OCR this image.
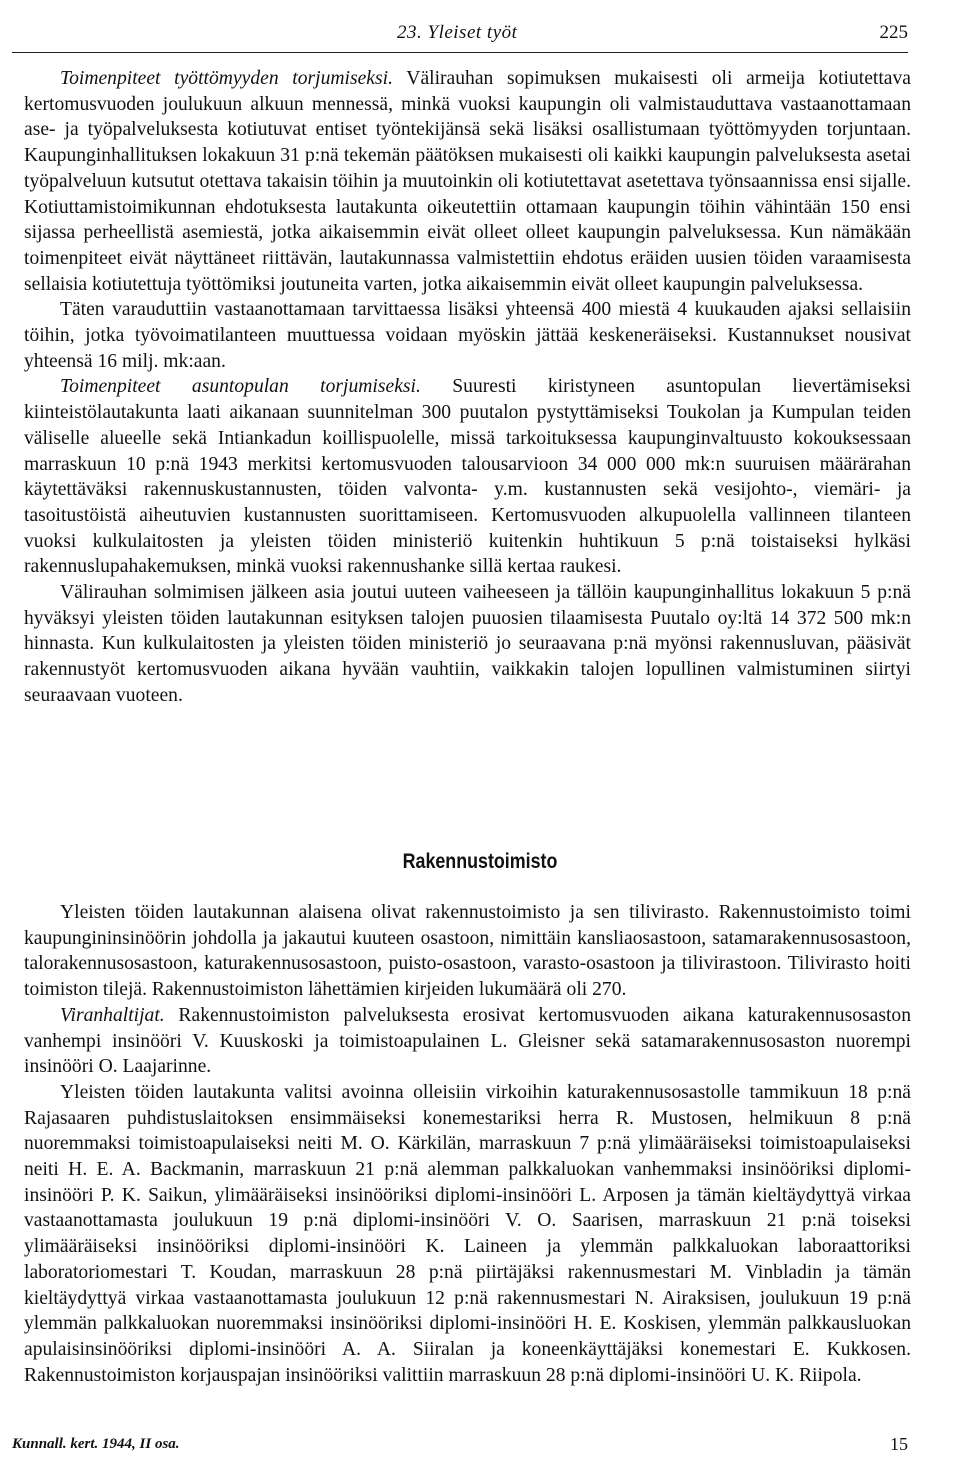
23. Yleiset työt	225

Toimenpiteet työttömyyden torjumiseksi. Välirauhan sopimuksen mukaisesti oli armeija kotiutettava kertomusvuoden joulukuun alkuun mennessä, minkä vuoksi kaupungin oli valmistauduttava vastaanottamaan ase- ja työpalveluksesta kotiutuvat entiset työntekijänsä sekä lisäksi osallistumaan työttömyyden torjuntaan. Kaupunginhallituksen lokakuun 31 p:nä tekemän päätöksen mukaisesti oli kaikki kaupungin palveluksesta asetai työpalveluun kutsutut otettava takaisin töihin ja muutoinkin oli kotiutettavat asetettava työnsaannissa ensi sijalle. Kotiuttamistoimikunnan ehdotuksesta lautakunta oikeutettiin ottamaan kaupungin töihin vähintään 150 ensi sijassa perheellistä asemiestä, jotka aikaisemmin eivät olleet olleet kaupungin palveluksessa. Kun nämäkään toimenpiteet eivät näyttäneet riittävän, lautakunnassa valmistettiin ehdotus eräiden uusien töiden varaamisesta sellaisia kotiutettuja työttömiksi joutuneita varten, jotka aikaisemmin eivät olleet kaupungin palveluksessa.

Täten varauduttiin vastaanottamaan tarvittaessa lisäksi yhteensä 400 miestä 4 kuukauden ajaksi sellaisiin töihin, jotka työvoimatilanteen muuttuessa voidaan myöskin jättää keskeneräiseksi. Kustannukset nousivat yhteensä 16 milj. mk:aan.

Toimenpiteet asuntopulan torjumiseksi. Suuresti kiristyneen asuntopulan lievertämiseksi kiinteistölautakunta laati aikanaan suunnitelman 300 puutalon pystyttämiseksi Toukolan ja Kumpulan teiden väliselle alueelle sekä Intiankadun koillispuolelle, missä tarkoituksessa kaupunginvaltuusto kokouksessaan marraskuun 10 p:nä 1943 merkitsi kertomusvuoden talousarvioon 34 000 000 mk:n suuruisen määrärahan käytettäväksi rakennuskustannusten, töiden valvonta- y.m. kustannusten sekä vesijohto-, viemäri- ja tasoitustöistä aiheutuvien kustannusten suorittamiseen. Kertomusvuoden alkupuolella vallinneen tilanteen vuoksi kulkulaitosten ja yleisten töiden ministeriö kuitenkin huhtikuun 5 p:nä toistaiseksi hylkäsi rakennuslupahakemuksen, minkä vuoksi rakennushanke sillä kertaa raukesi.

Välirauhan solmimisen jälkeen asia joutui uuteen vaiheeseen ja tällöin kaupunginhallitus lokakuun 5 p:nä hyväksyi yleisten töiden lautakunnan esityksen talojen puuosien tilaamisesta Puutalo oy:ltä 14 372 500 mk:n hinnasta. Kun kulkulaitosten ja yleisten töiden ministeriö jo seuraavana p:nä myönsi rakennusluvan, pääsivät rakennustyöt kertomusvuoden aikana hyvään vauhtiin, vaikkakin talojen lopullinen valmistuminen siirtyi seuraavaan vuoteen.

Rakennustoimisto

Yleisten töiden lautakunnan alaisena olivat rakennustoimisto ja sen tilivirasto. Rakennustoimisto toimi kaupungininsinöörin johdolla ja jakautui kuuteen osastoon, nimittäin kansliaosastoon, satamarakennusosastoon, talorakennusosastoon, katurakennusosastoon, puisto-osastoon, varasto-osastoon ja tilivirastoon. Tilivirasto hoiti toimiston tilejä. Rakennustoimiston lähettämien kirjeiden lukumäärä oli 270.

Viranhaltijat. Rakennustoimiston palveluksesta erosivat kertomusvuoden aikana katurakennusosaston vanhempi insinööri V. Kuuskoski ja toimistoapulainen L. Gleisner sekä satamarakennusosaston nuorempi insinööri O. Laajarinne.

Yleisten töiden lautakunta valitsi avoinna olleisiin virkoihin katurakennusosastolle tammikuun 18 p:nä Rajasaaren puhdistuslaitoksen ensimmäiseksi konemestariksi herra R. Mustosen, helmikuun 8 p:nä nuoremmaksi toimistoapulaiseksi neiti M. O. Kärkilän, marraskuun 7 p:nä ylimääräiseksi toimistoapulaiseksi neiti H. E. A. Backmanin, marraskuun 21 p:nä alemman palkkaluokan vanhemmaksi insinööriksi diplomi-insinööri P. K. Saikun, ylimääräiseksi insinööriksi diplomi-insinööri L. Arposen ja tämän kieltäydyttyä virkaa vastaanottamasta joulukuun 19 p:nä diplomi-insinööri V. O. Saarisen, marraskuun 21 p:nä toiseksi ylimääräiseksi insinööriksi diplomi-insinööri K. Laineen ja ylemmän palkkaluokan laboraattoriksi laboratoriomestari T. Koudan, marraskuun 28 p:nä piirtäjäksi rakennusmestari M. Vinbladin ja tämän kieltäydyttyä virkaa vastaanottamasta joulukuun 12 p:nä rakennusmestari N. Airaksisen, joulukuun 19 p:nä ylemmän palkkaluokan nuoremmaksi insinööriksi diplomi-insinööri H. E. Koskisen, ylemmän palkkausluokan apulaisinsinööriksi diplomi-insinööri A. A. Siiralan ja koneenkäyttäjäksi konemestari E. Kukkosen. Rakennustoimiston korjauspajan insinööriksi valittiin marraskuun 28 p:nä diplomi-insinööri U. K. Riipola.

Kunnall. kert. 1944, II osa.	15
